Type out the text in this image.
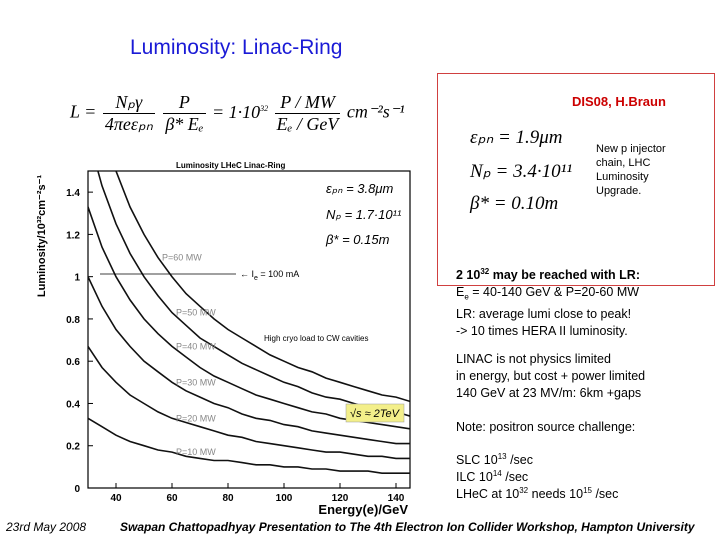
Luminosity: Linac-Ring
$L = \frac{\text{Nₚγ}}{\text{4πeεₚₙ}}$
$\frac{P}{\text{β* Eₑ}} = 1\cdot 10^{32} \frac{P / MW}{\text{Eₑ / GeV}} cm^{-2}s^{-1}$
DIS08, H.Braun
εₚₙ = 1.9μm
Nₚ = 3.4·10¹¹
β* = 0.10m
New p injector
chain, LHC
Luminosity
Upgrade.
2 $10^{32}$ may be reached with LR:
$E_e = 40-140$ GeV & P=20-60 MW
LR: average lumi close to peak!
-> 10 times HERA II luminosity.
LINAC is not physics limited
in energy, but cost + power limited
140 GeV at 23 MV/m: 6km +gaps
Note: positron source challenge:
SLC $10^{13}$ /sec
ILC $10^{14}$ /sec
LHeC at $10^{32}$ needs $10^{15}$ /sec
Luminosity LHeC Linac-Ring
40	60	80	100	120	140
0
0.2
0.4
0.6
0.8
1
1.2
1.4
P=60 MW
P=50 MW
P=40 MW
P=30 MW
P=20 MW
P=10 MW
Luminosity/10³²cm⁻²s⁻¹
Energy(e)/GeV
εₚₙ = 3.8μm
Nₚ = 1.7·10¹¹
β* = 0.15m
← $I_e = 100$ mA
High cryo load to CW cavities
√s ≈ 2TeV
23rd May 2008	Swapan Chattopadhyay Presentation to The 4th Electron Ion Collider Workshop, Hampton University
